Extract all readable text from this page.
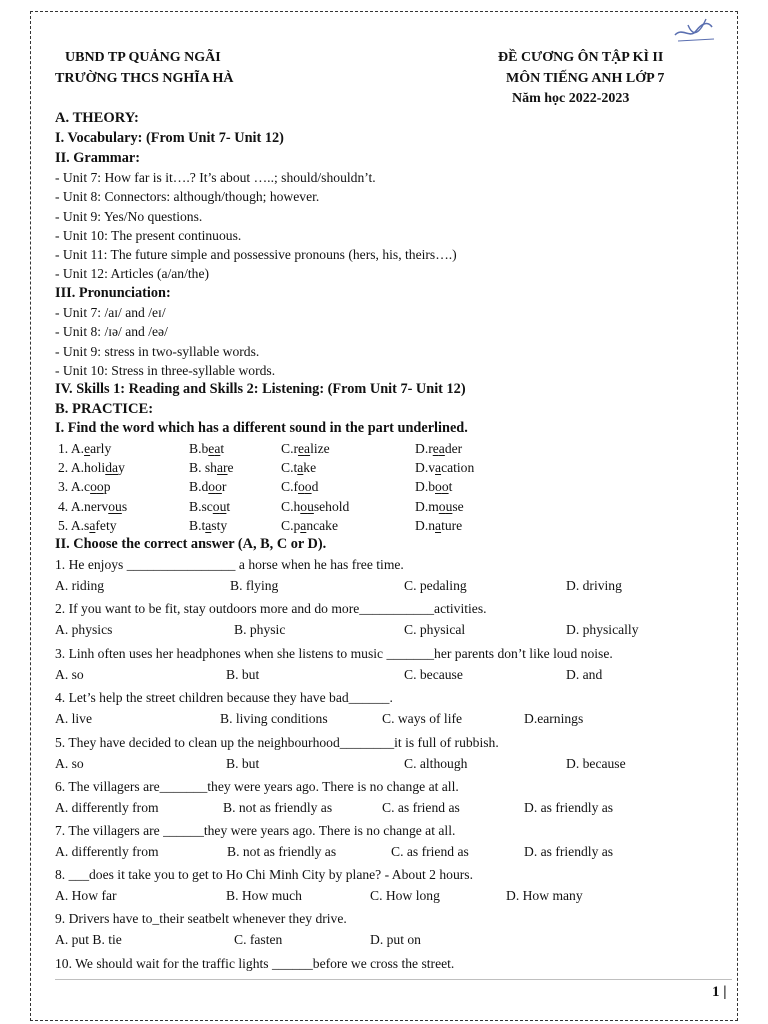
UBND TP QUẢNG NGÃI
TRƯỜNG THCS NGHĨA HÀ
ĐỀ CƯƠNG ÔN TẬP KÌ II
MÔN TIẾNG ANH LỚP 7
Năm học 2022-2023
A. THEORY:
I. Vocabulary: (From Unit 7- Unit 12)
II. Grammar:
- Unit 7: How far is it….? It’s about …..; should/shouldn’t.
- Unit 8: Connectors: although/though; however.
- Unit 9: Yes/No questions.
- Unit 10: The present continuous.
- Unit 11: The future simple and possessive pronouns (hers, his, theirs….)
- Unit 12: Articles (a/an/the)
III. Pronunciation:
- Unit 7: /aɪ/ and /eɪ/
- Unit 8: /ɪə/ and /eə/
- Unit 9: stress in two-syllable words.
- Unit 10: Stress in three-syllable words.
IV. Skills 1: Reading and Skills 2: Listening: (From Unit 7- Unit 12)
B. PRACTICE:
I. Find the word which has a different sound in the part underlined.
1. A.early	B.beat	C.realize	D.reader
2. A.holiday	B. share	C.take	D.vacation
3. A.coop	B.door	C.food	D.boot
4. A.nervous	B.scout	C.household	D.mouse
5. A.safety	B.tasty	C.pancake	D.nature
II. Choose the correct answer (A, B, C or D).
1. He enjoys ________________ a horse when he has free time.
A. riding	B. flying	C. pedaling	D. driving
2. If you want to be fit, stay outdoors more and do more___________activities.
A. physics	B. physic	C. physical	D. physically
3. Linh often uses her headphones when she listens to music _______her parents don’t like loud noise.
A. so	B. but	C. because	D. and
4. Let’s help the street children because they have bad______.
A. live	B. living conditions	C. ways of life	D.earnings
5. They have decided to clean up the neighbourhood________it is full of rubbish.
A. so	B. but	C. although	D. because
6. The villagers are_______they were years ago. There is no change at all.
A. differently from	B. not as friendly as	C. as friend as	D. as friendly as
7. The villagers are ______they were years ago. There is no change at all.
A. differently from	B. not as friendly as	C. as friend as	D. as friendly as
8. ___does it take you to get to Ho Chi Minh City by plane? - About 2 hours.
A. How far	B. How much	C. How long	D. How many
9. Drivers have to_their seatbelt whenever they drive.
A. put B. tie	C. fasten	D. put on
10. We should wait for the traffic lights ______before we cross the street.
1 |
